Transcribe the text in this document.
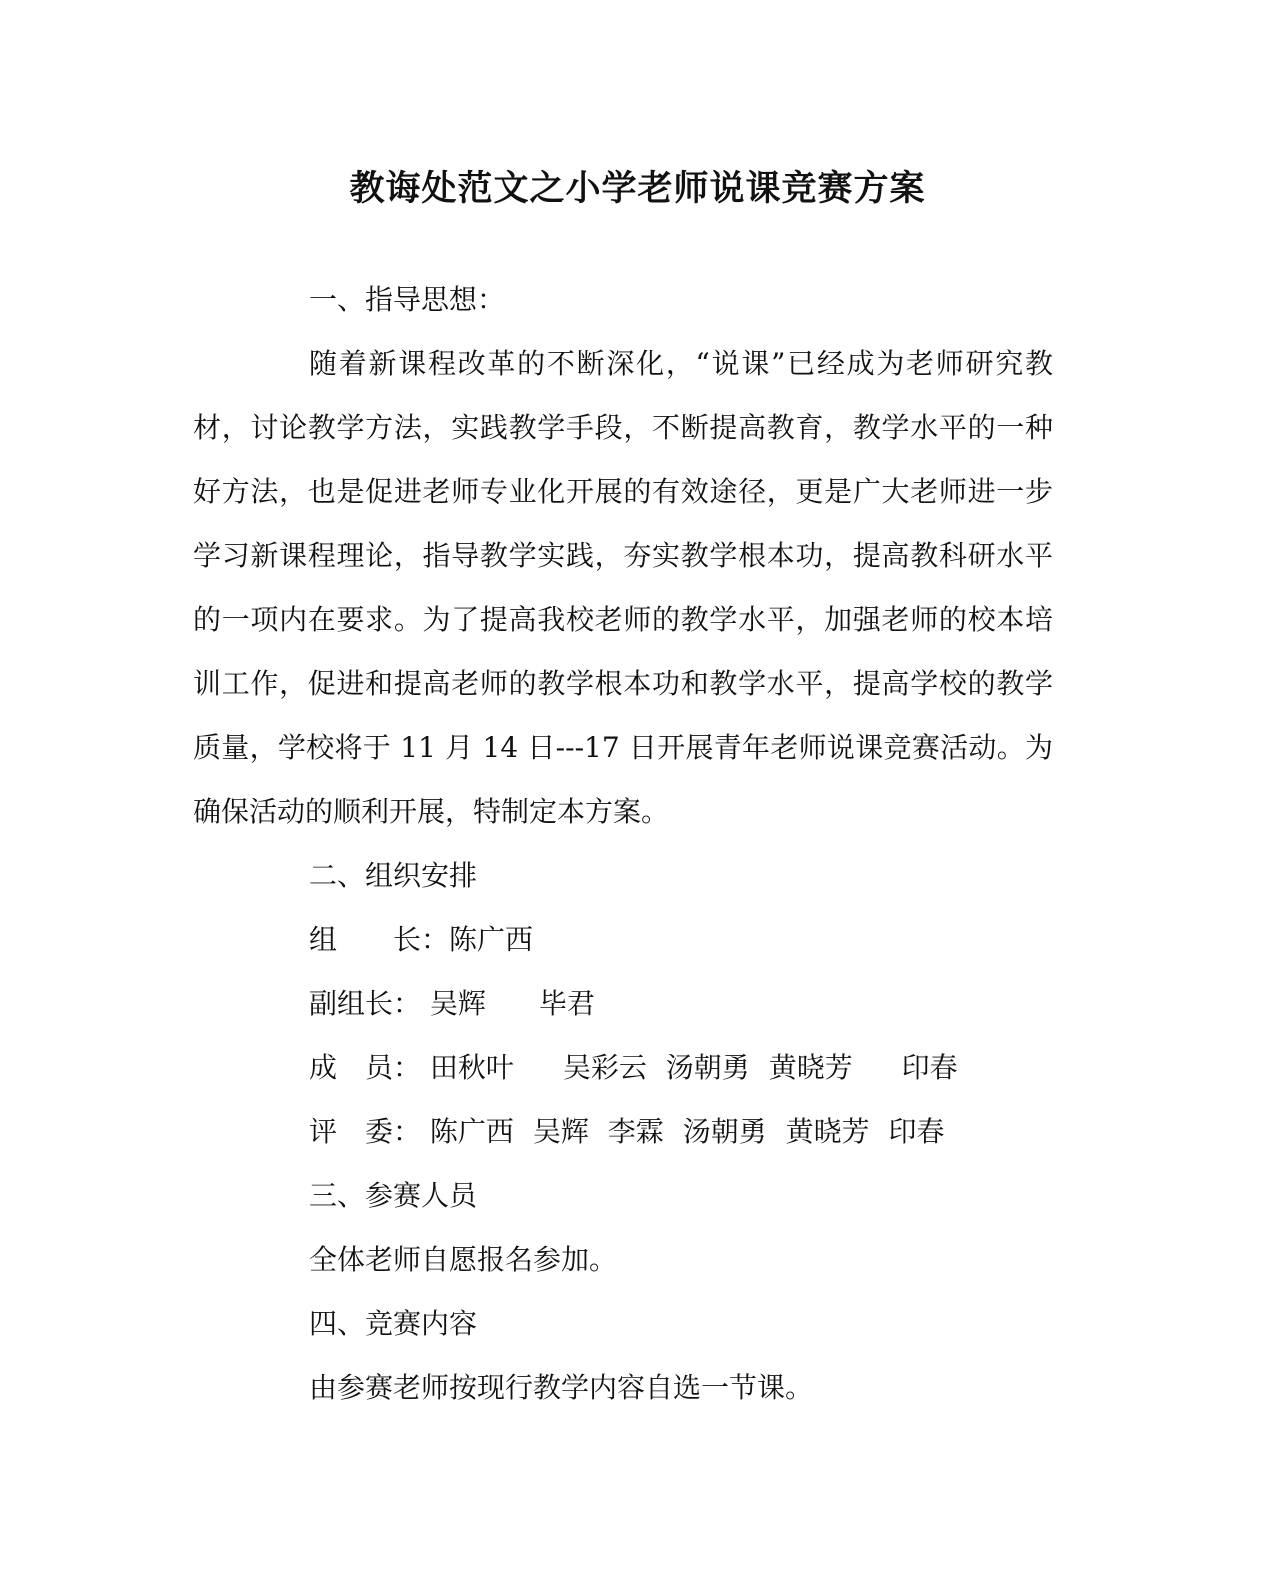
教诲处范文之小学老师说课竞赛方案
一、指导思想：
随着新课程改革的不断深化，“说课”已经成为老师研究教
材，讨论教学方法，实践教学手段，不断提高教育，教学水平的一种
好方法，也是促进老师专业化开展的有效途径，更是广大老师进一步
学习新课程理论，指导教学实践，夯实教学根本功，提高教科研水平
的一项内在要求。为了提高我校老师的教学水平，加强老师的校本培
训工作，促进和提高老师的教学根本功和教学水平，提高学校的教学
质量，学校将于 11 月 14 日---17 日开展青年老师说课竞赛活动。为
确保活动的顺利开展，特制定本方案。
二、组织安排
组　　长：陈广西
副组长： 吴辉 毕君
成　员： 田秋叶 吴彩云 汤朝勇 黄晓芳 印春
评　委： 陈广西 吴辉 李霖 汤朝勇 黄晓芳 印春
三、参赛人员
全体老师自愿报名参加。
四、竞赛内容
由参赛老师按现行教学内容自选一节课。
